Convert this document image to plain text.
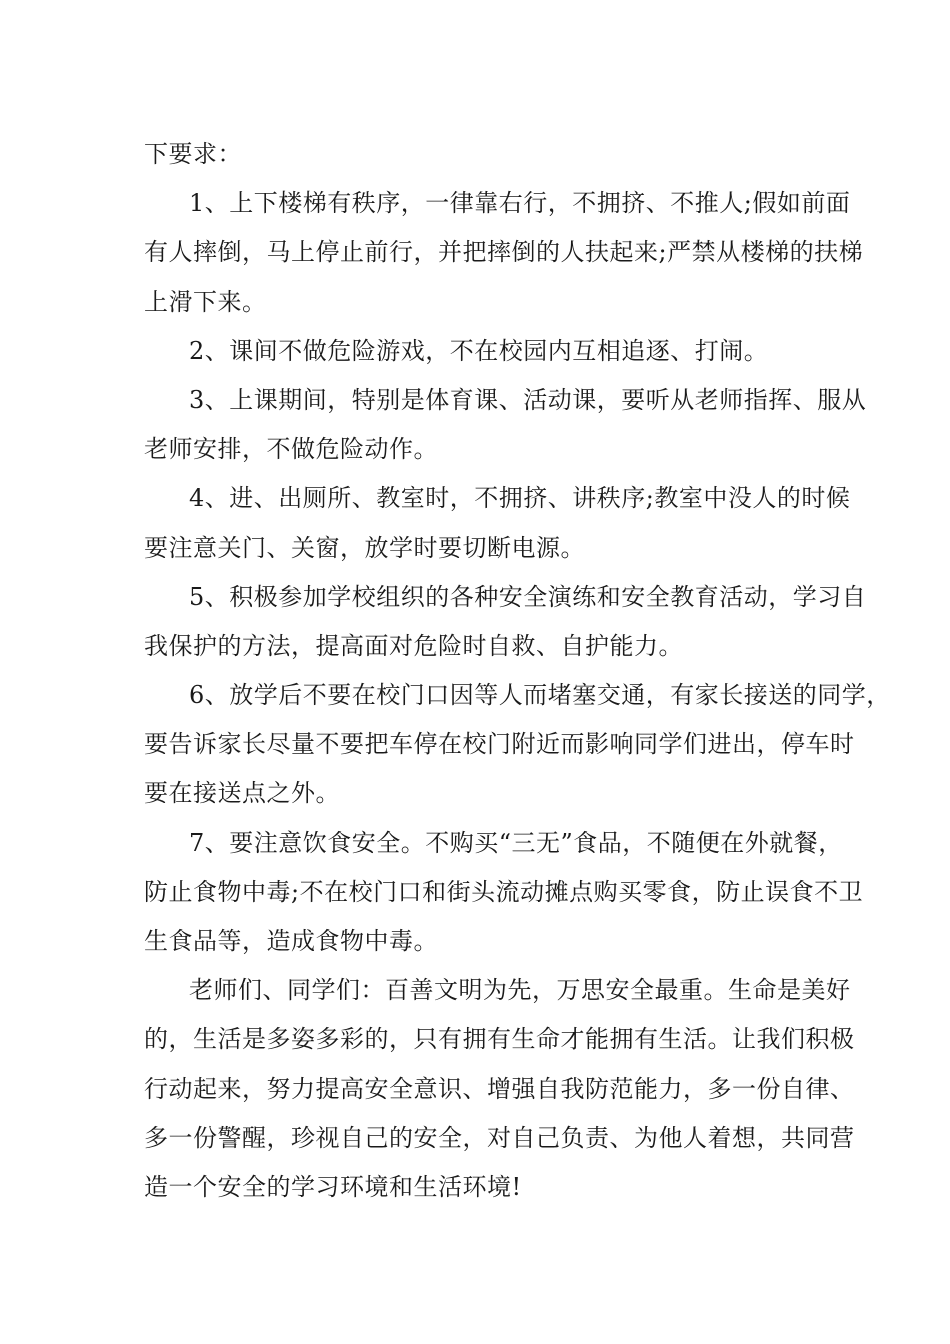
下要求：
1、上下楼梯有秩序，一律靠右行，不拥挤、不推人;假如前面
有人摔倒，马上停止前行，并把摔倒的人扶起来;严禁从楼梯的扶梯
上滑下来。
2、课间不做危险游戏，不在校园内互相追逐、打闹。
3、上课期间，特别是体育课、活动课，要听从老师指挥、服从
老师安排，不做危险动作。
4、进、出厕所、教室时，不拥挤、讲秩序;教室中没人的时候
要注意关门、关窗，放学时要切断电源。
5、积极参加学校组织的各种安全演练和安全教育活动，学习自
我保护的方法，提高面对危险时自救、自护能力。
6、放学后不要在校门口因等人而堵塞交通，有家长接送的同学，
要告诉家长尽量不要把车停在校门附近而影响同学们进出，停车时
要在接送点之外。
7、要注意饮食安全。不购买“三无”食品，不随便在外就餐，
防止食物中毒;不在校门口和街头流动摊点购买零食，防止误食不卫
生食品等，造成食物中毒。
老师们、同学们：百善文明为先，万思安全最重。生命是美好
的，生活是多姿多彩的，只有拥有生命才能拥有生活。让我们积极
行动起来，努力提高安全意识、增强自我防范能力，多一份自律、
多一份警醒，珍视自己的安全，对自己负责、为他人着想，共同营
造一个安全的学习环境和生活环境!
